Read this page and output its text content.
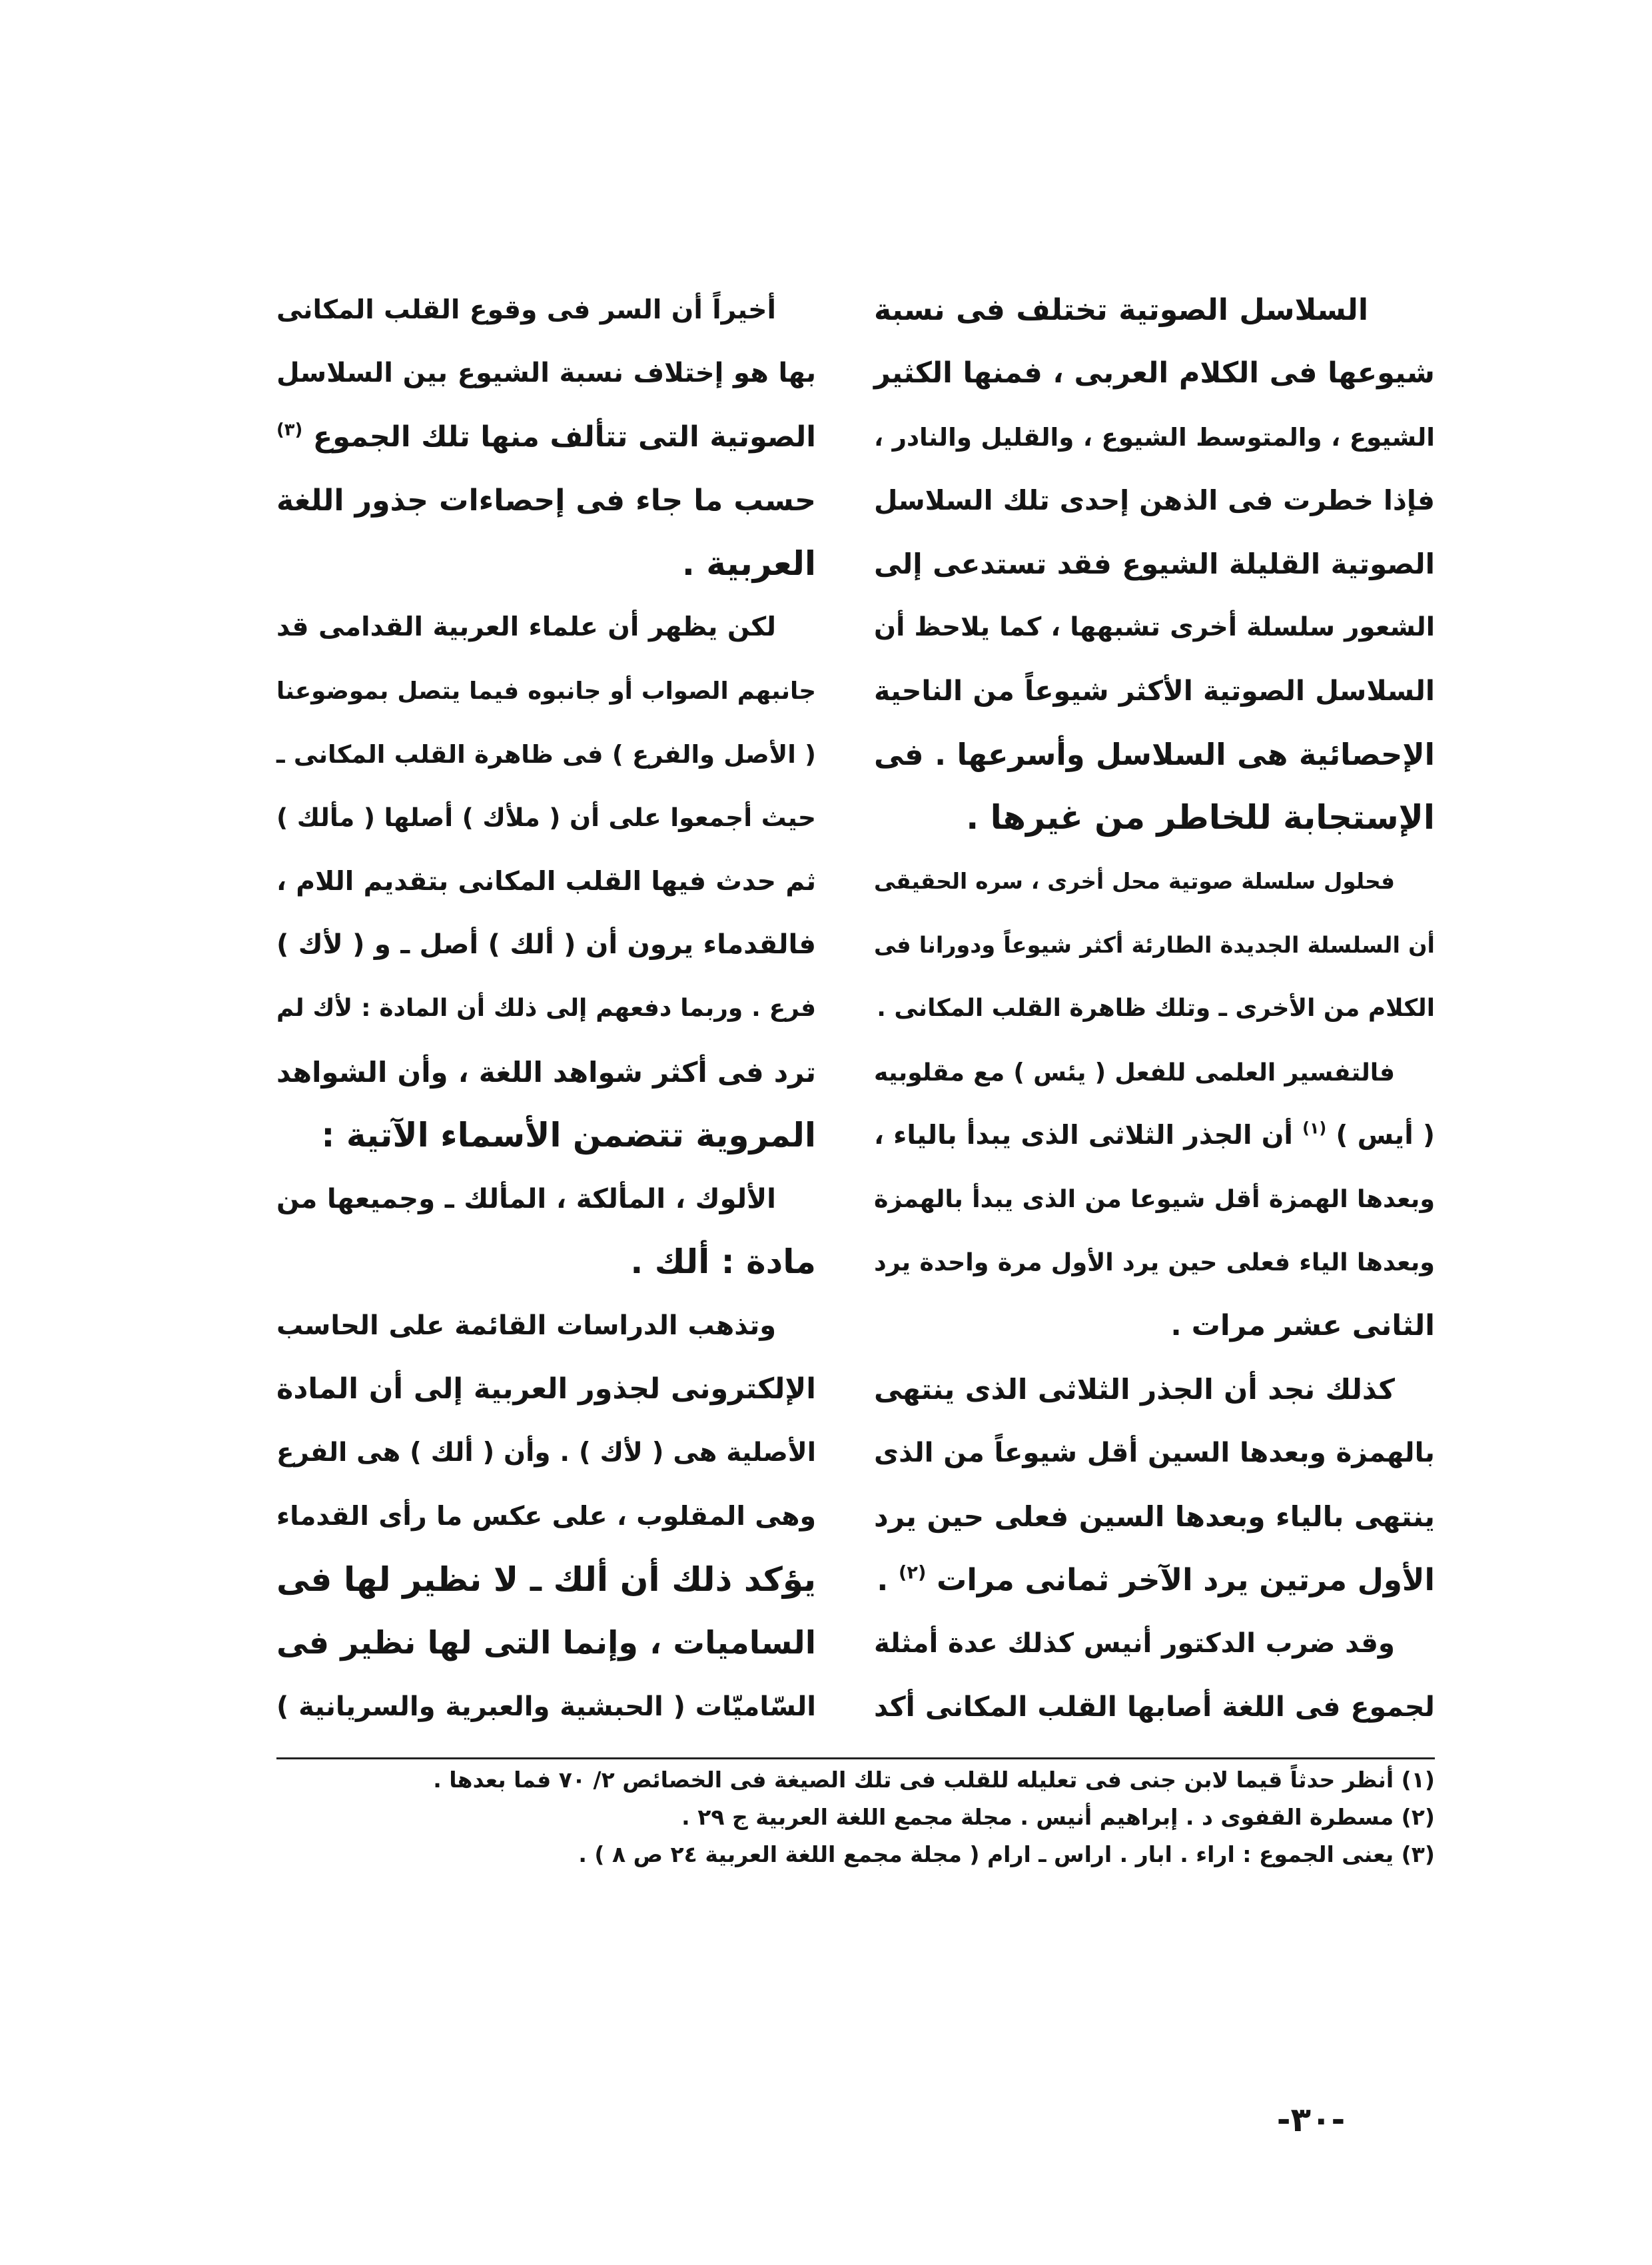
السلاسل الصوتية تختلف فى نسبة
شيوعها فى الكلام العربى ، فمنها الكثير
الشيوع ، والمتوسط الشيوع ، والقليل والنادر ،
فإذا خطرت فى الذهن إحدى تلك السلاسل
الصوتية القليلة الشيوع فقد تستدعى إلى
الشعور سلسلة أخرى تشبهها ، كما يلاحظ أن
السلاسل الصوتية الأكثر شيوعاً من الناحية
الإحصائية هى السلاسل وأسرعها . فى
الإستجابة للخاطر من غيرها .
فحلول سلسلة صوتية محل أخرى ، سره الحقيقى
أن السلسلة الجديدة الطارئة أكثر شيوعاً ودورانا فى
الكلام من الأخرى ـ وتلك ظاهرة القلب المكانى .
فالتفسير العلمى للفعل ( يئس ) مع مقلوبيه
( أيس ) $^{(١)}$ أن الجذر الثلاثى الذى يبدأ بالياء ،
وبعدها الهمزة أقل شيوعا من الذى يبدأ بالهمزة
وبعدها الياء فعلى حين يرد الأول مرة واحدة يرد
الثانى عشر مرات .
كذلك نجد أن الجذر الثلاثى الذى ينتهى
بالهمزة وبعدها السين أقل شيوعاً من الذى
ينتهى بالياء وبعدها السين فعلى حين يرد
الأول مرتين يرد الآخر ثمانى مرات $^{(٢)}$ .
وقد ضرب الدكتور أنيس كذلك عدة أمثلة
لجموع فى اللغة أصابها القلب المكانى أكد
أخيراً أن السر فى وقوع القلب المكانى
بها هو إختلاف نسبة الشيوع بين السلاسل
الصوتية التى تتألف منها تلك الجموع $^{(٣)}$
حسب ما جاء فى إحصاءات جذور اللغة
العربية .
لكن يظهر أن علماء العربية القدامى قد
جانبهم الصواب أو جانبوه فيما يتصل بموضوعنا
( الأصل والفرع ) فى ظاهرة القلب المكانى ـ
حيث أجمعوا على أن ( ملأك ) أصلها ( مألك )
ثم حدث فيها القلب المكانى بتقديم اللام ،
فالقدماء يرون أن ( ألك ) أصل ـ و ( لأك )
فرع . وربما دفعهم إلى ذلك أن المادة : لأك لم
ترد فى أكثر شواهد اللغة ، وأن الشواهد
المروية تتضمن الأسماء الآتية :
الألوك ، المألكة ، المألك ـ وجميعها من
مادة : ألك .
وتذهب الدراسات القائمة على الحاسب
الإلكترونى لجذور العربية إلى أن المادة
الأصلية هى ( لأك ) . وأن ( ألك ) هى الفرع
وهى المقلوب ، على عكس ما رأى القدماء
يؤكد ذلك أن ألك ـ لا نظير لها فى
الساميات ، وإنما التى لها نظير فى
السّاميّات ( الحبشية والعبرية والسريانية )
(١) أنظر حدثاً قيما لابن جنى فى تعليله للقلب فى تلك الصيغة فى الخصائص ٢/ ٧٠ فما بعدها .
(٢) مسطرة القفوى د . إبراهيم أنيس . مجلة مجمع اللغة العربية ج ٢٩ .
(٣) يعنى الجموع : اراء . ابار . اراس ـ ارام ( مجلة مجمع اللغة العربية ٢٤ ص ٨ ) .
-٣٠-
